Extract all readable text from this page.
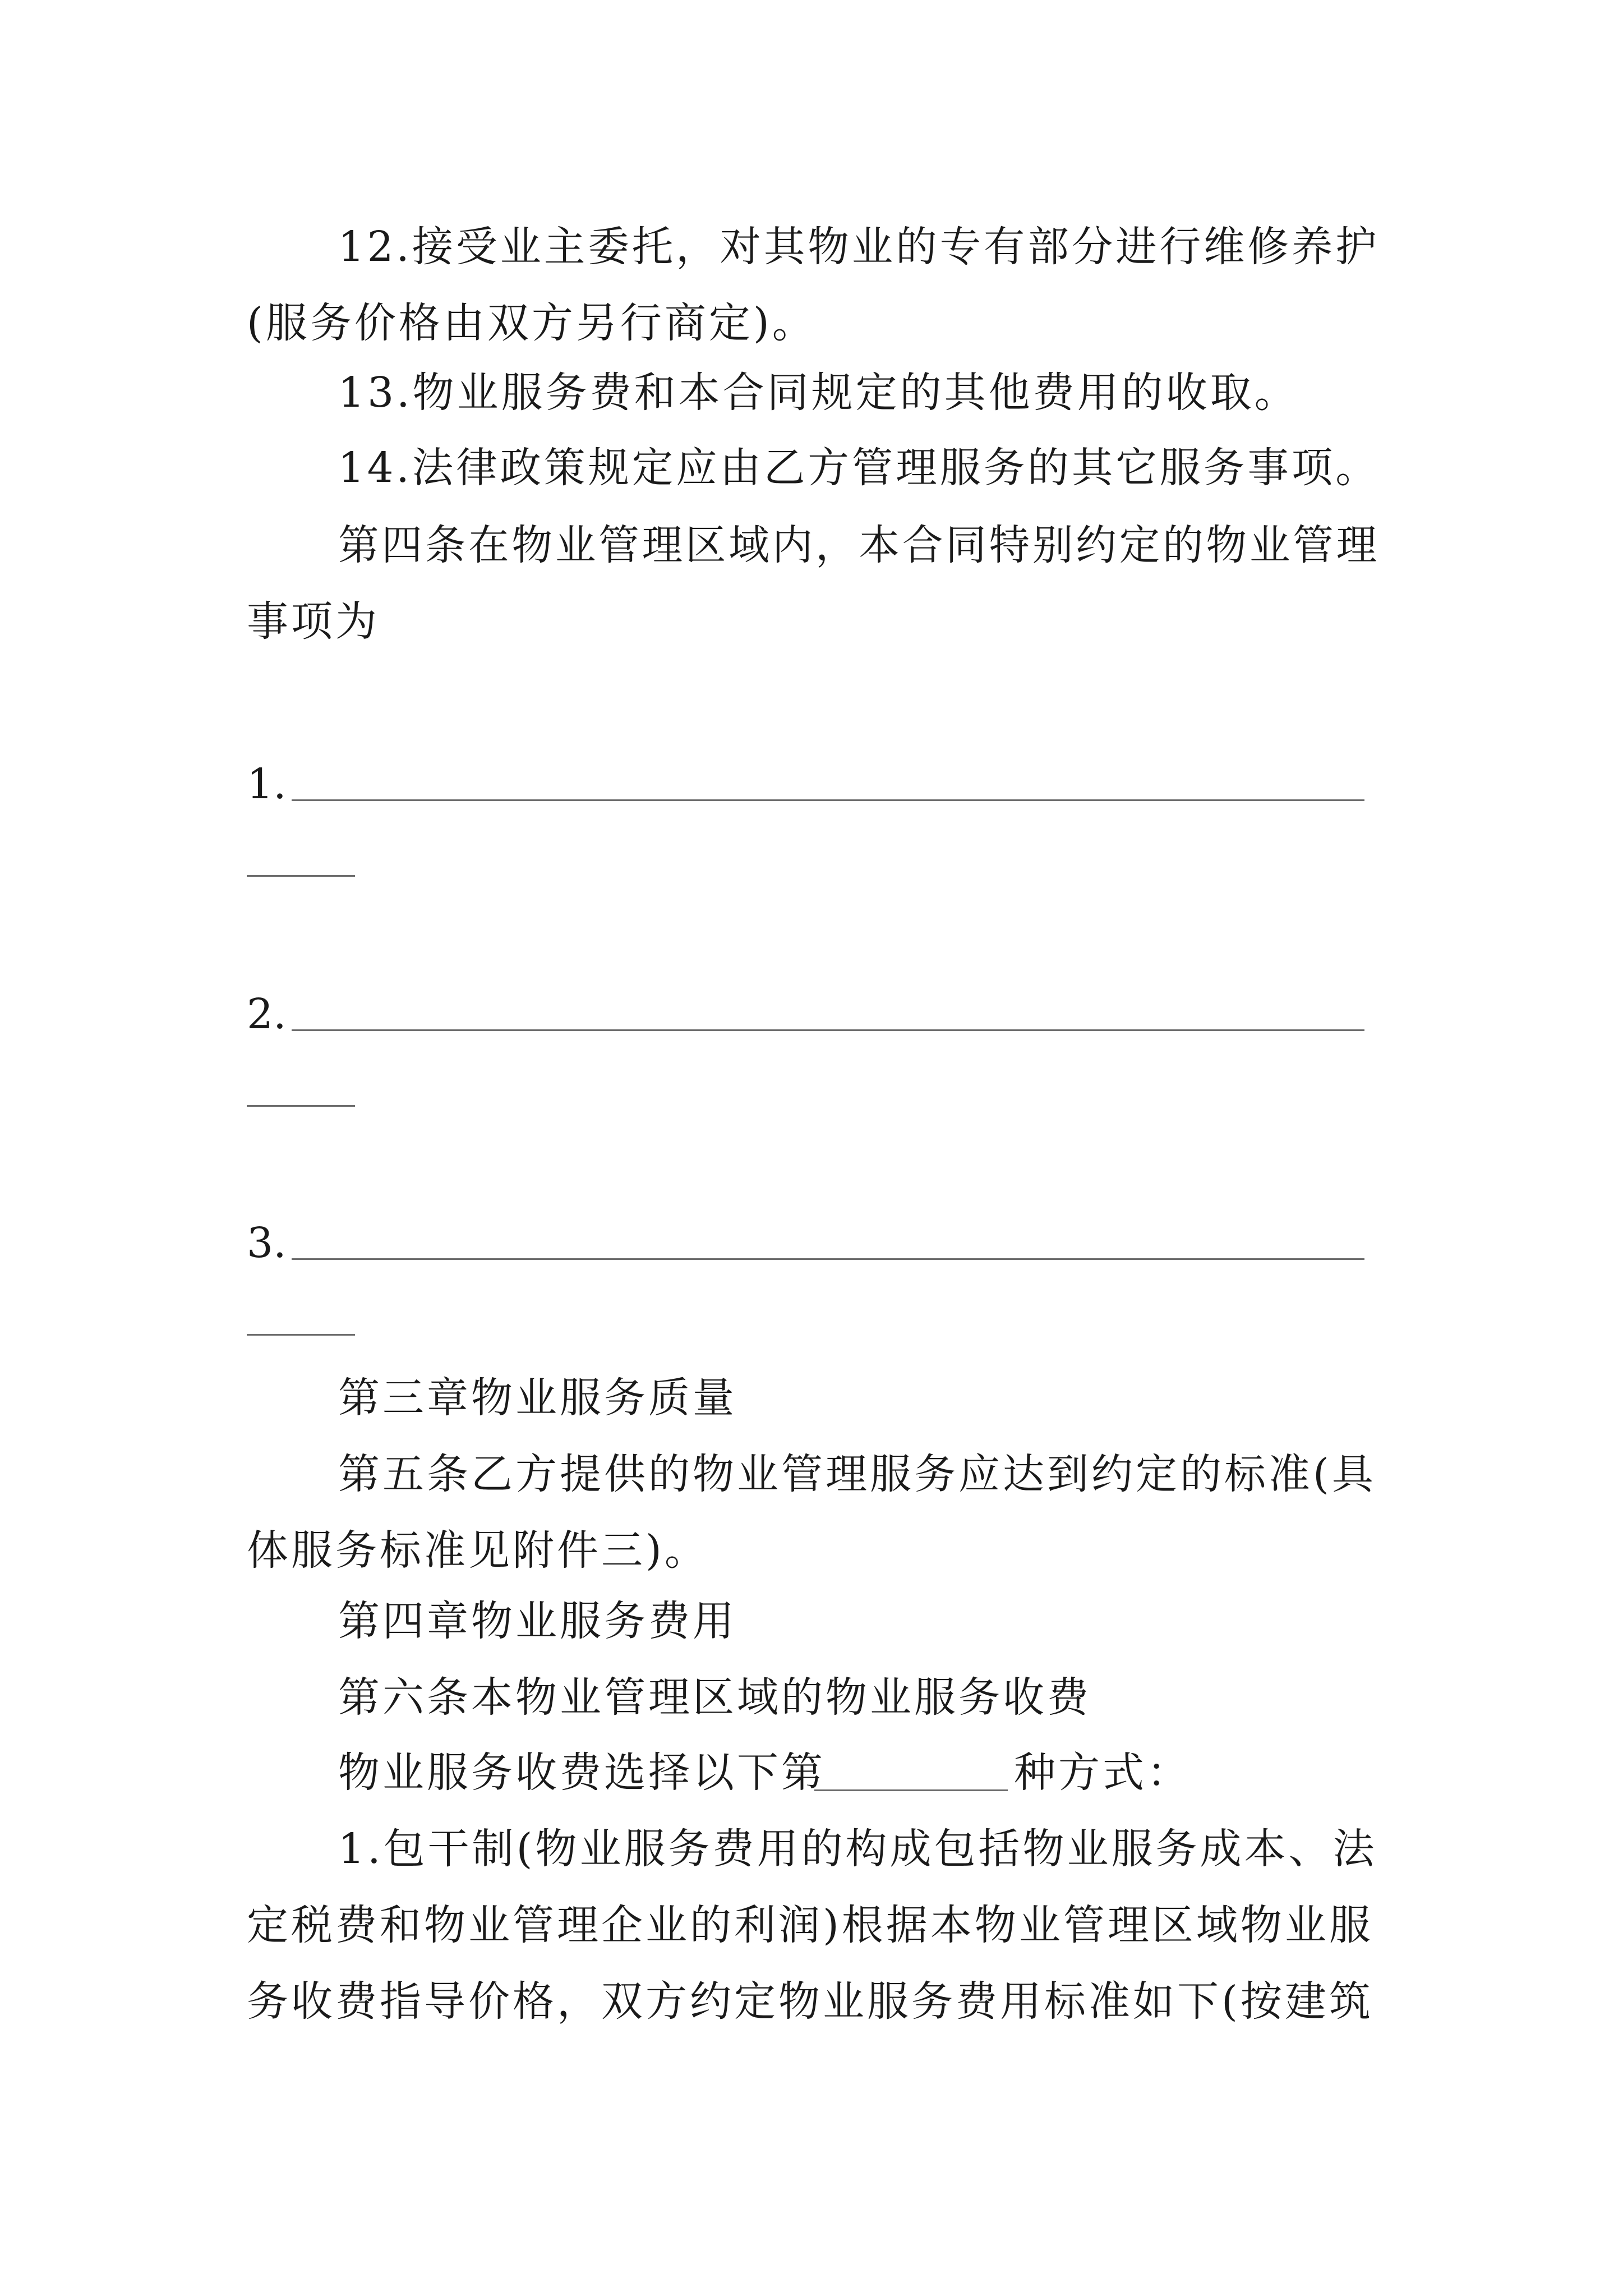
12.接受业主委托，对其物业的专有部分进行维修养护
(服务价格由双方另行商定)。
13.物业服务费和本合同规定的其他费用的收取。
14.法律政策规定应由乙方管理服务的其它服务事项。
第四条在物业管理区域内，本合同特别约定的物业管理
事项为
1.
2.
3.
第三章物业服务质量
第五条乙方提供的物业管理服务应达到约定的标准(具
体服务标准见附件三)。
第四章物业服务费用
第六条本物业管理区域的物业服务收费
物业服务收费选择以下第	种方式：
1.包干制(物业服务费用的构成包括物业服务成本、法
定税费和物业管理企业的利润)根据本物业管理区域物业服
务收费指导价格，双方约定物业服务费用标准如下(按建筑
